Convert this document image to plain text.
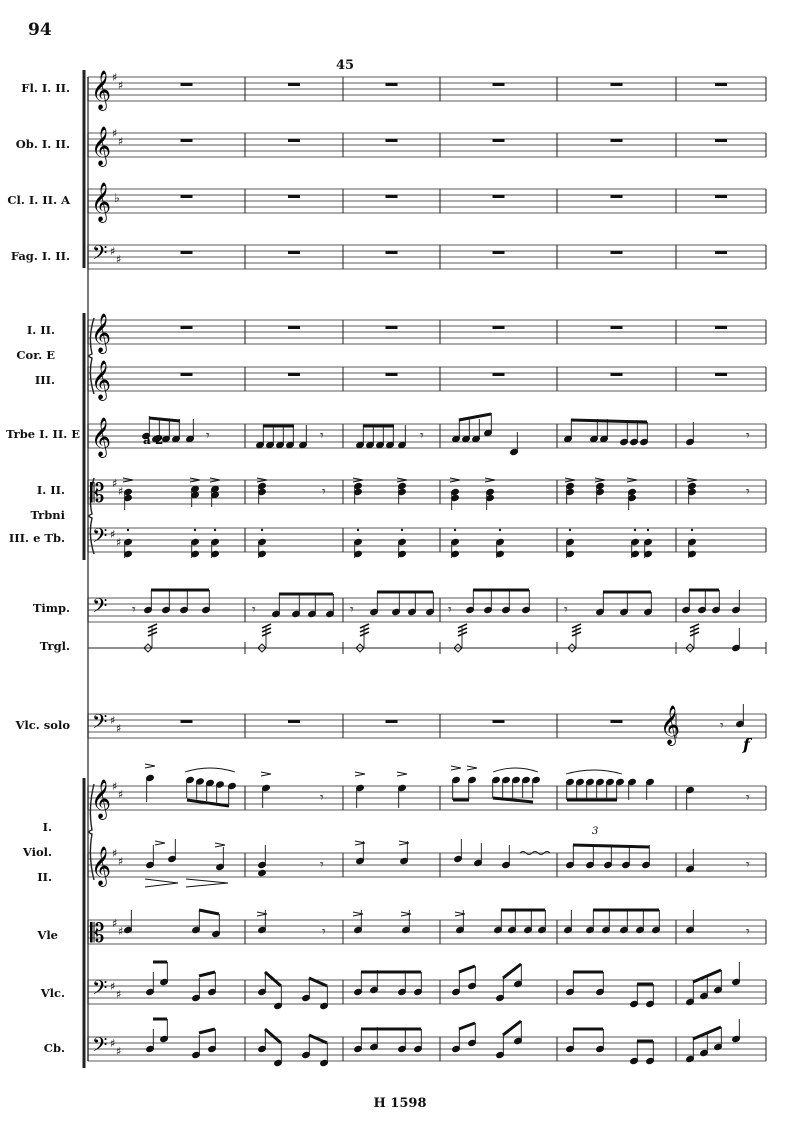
94
45
Fl. I. II.
Ob. I. II.
Cl. I. II. A
Fag. I. II.
I. II.
Cor. E
III.
Trbe I. II. E
I. II.
Trbni
III. e Tb.
Timp.
Trgl.
Vlc. solo
I.
Viol.
II.
Vle
Vlc.
Cb.
𝄞
𝄞
𝄞
𝄞
𝄞
𝄞
𝄞
𝄞
𝄢
𝄢
𝄢
𝄢
𝄢
𝄢
𝄡
𝄡
♯
♯
♯
♯
♯
♯
♯
♯
♯
♯
♯
♯
♯
♯
♯
♯
♯
♯
♯
♯
♯
♯
♭
𝄾	𝄾	𝄾	𝄾
𝄾	𝄾
𝄾	𝄾	𝄾	𝄾	𝄾
𝄞	𝄾
𝄾	𝄾
𝄾	𝄾
𝄾	𝄾
a 2
f
3
H 1598
